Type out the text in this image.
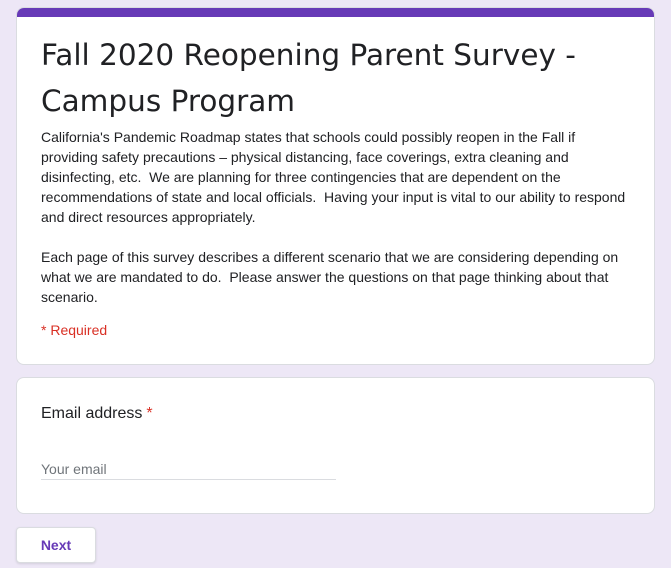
Fall 2020 Reopening Parent Survey - Campus Program
California's Pandemic Roadmap states that schools could possibly reopen in the Fall if providing safety precautions – physical distancing, face coverings, extra cleaning and disinfecting, etc.  We are planning for three contingencies that are dependent on the recommendations of state and local officials.  Having your input is vital to our ability to respond and direct resources appropriately.

Each page of this survey describes a different scenario that we are considering depending on what we are mandated to do.  Please answer the questions on that page thinking about that scenario.
* Required
Email address *
Your email
Next
